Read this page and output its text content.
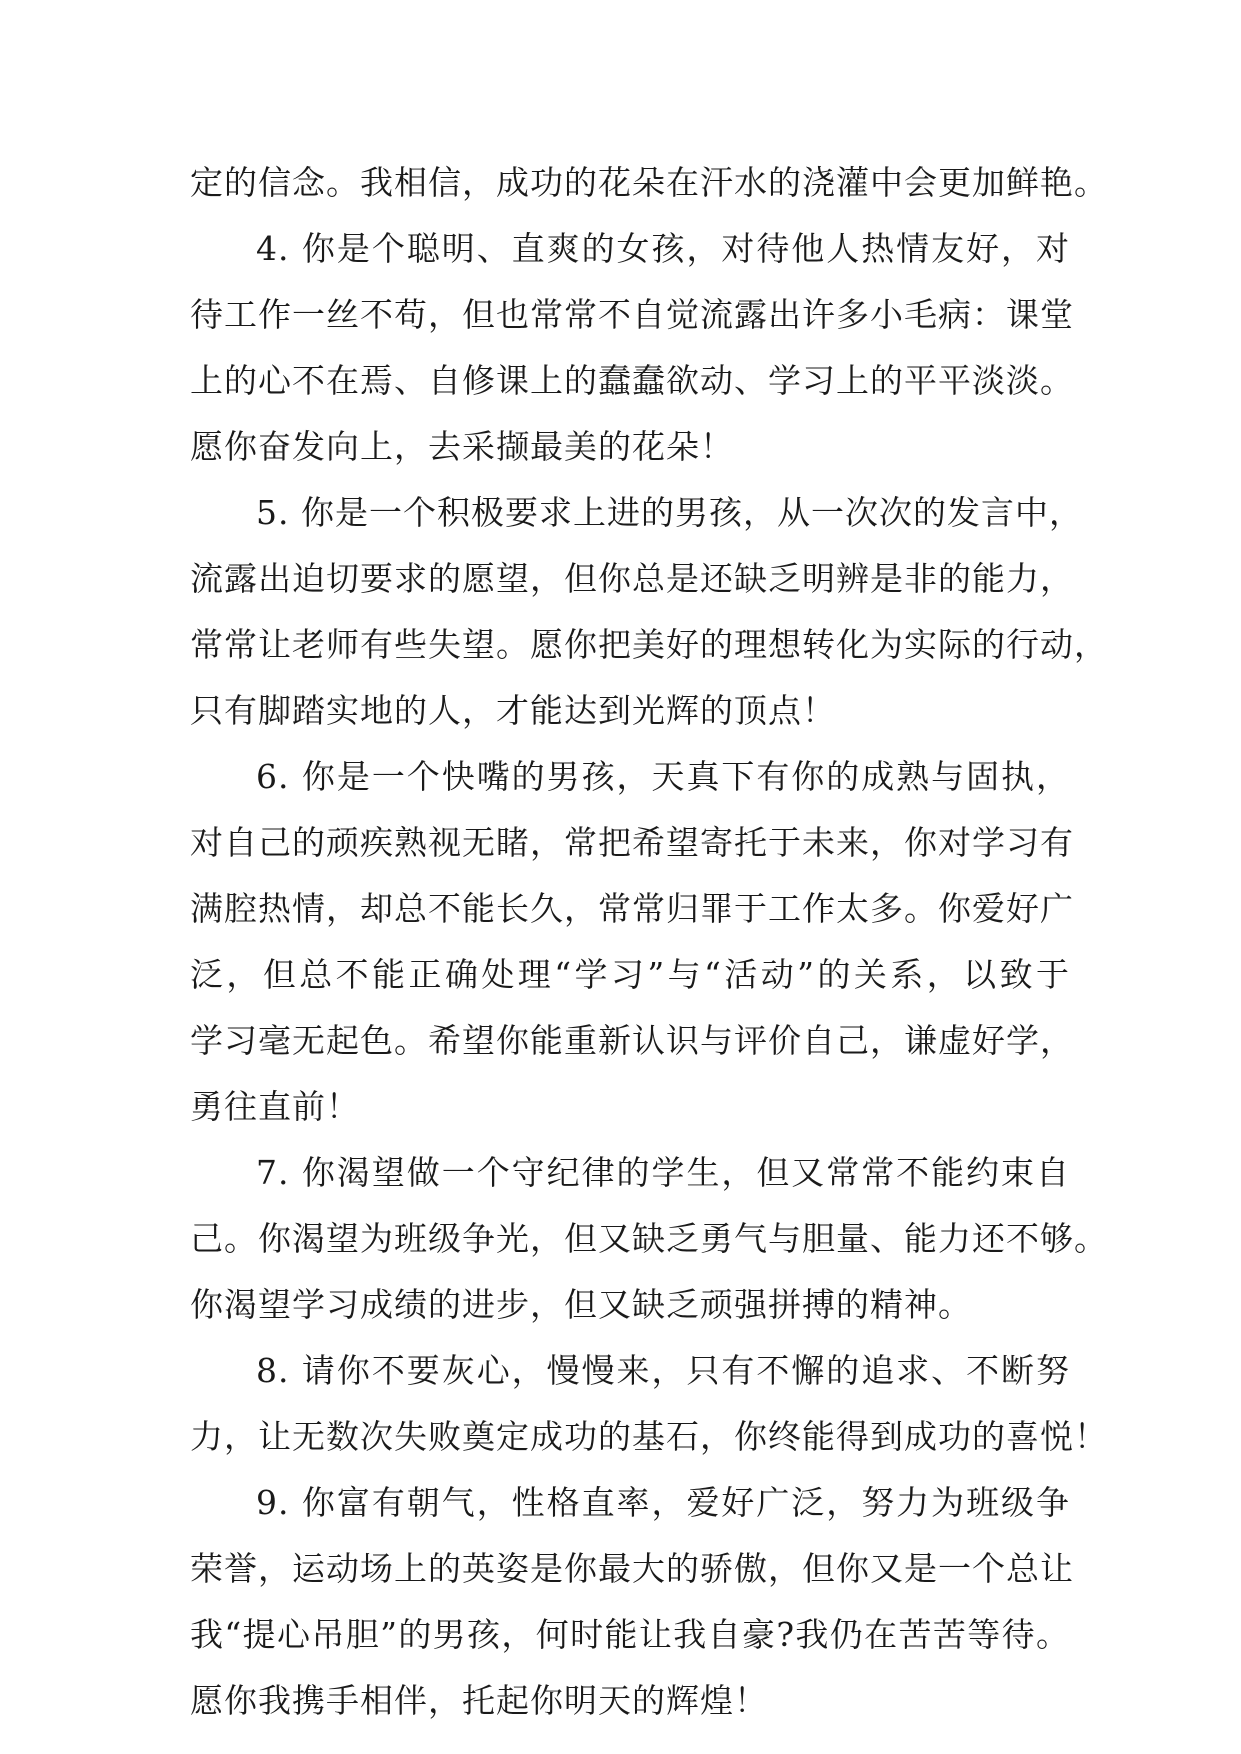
定的信念。我相信，成功的花朵在汗水的浇灌中会更加鲜艳。
4. 你是个聪明、直爽的女孩，对待他人热情友好，对
待工作一丝不苟，但也常常不自觉流露出许多小毛病：课堂
上的心不在焉、自修课上的蠢蠢欲动、学习上的平平淡淡。
愿你奋发向上，去采撷最美的花朵！
5. 你是一个积极要求上进的男孩，从一次次的发言中，
流露出迫切要求的愿望，但你总是还缺乏明辨是非的能力，
常常让老师有些失望。愿你把美好的理想转化为实际的行动，
只有脚踏实地的人，才能达到光辉的顶点！
6. 你是一个快嘴的男孩，天真下有你的成熟与固执，
对自己的顽疾熟视无睹，常把希望寄托于未来，你对学习有
满腔热情，却总不能长久，常常归罪于工作太多。你爱好广
泛，但总不能正确处理“学习”与“活动”的关系，以致于
学习毫无起色。希望你能重新认识与评价自己，谦虚好学，
勇往直前！
7. 你渴望做一个守纪律的学生，但又常常不能约束自
己。你渴望为班级争光，但又缺乏勇气与胆量、能力还不够。
你渴望学习成绩的进步，但又缺乏顽强拼搏的精神。
8. 请你不要灰心，慢慢来，只有不懈的追求、不断努
力，让无数次失败奠定成功的基石，你终能得到成功的喜悦！
9. 你富有朝气，性格直率，爱好广泛，努力为班级争
荣誉，运动场上的英姿是你最大的骄傲，但你又是一个总让
我“提心吊胆”的男孩，何时能让我自豪?我仍在苦苦等待。
愿你我携手相伴，托起你明天的辉煌！
